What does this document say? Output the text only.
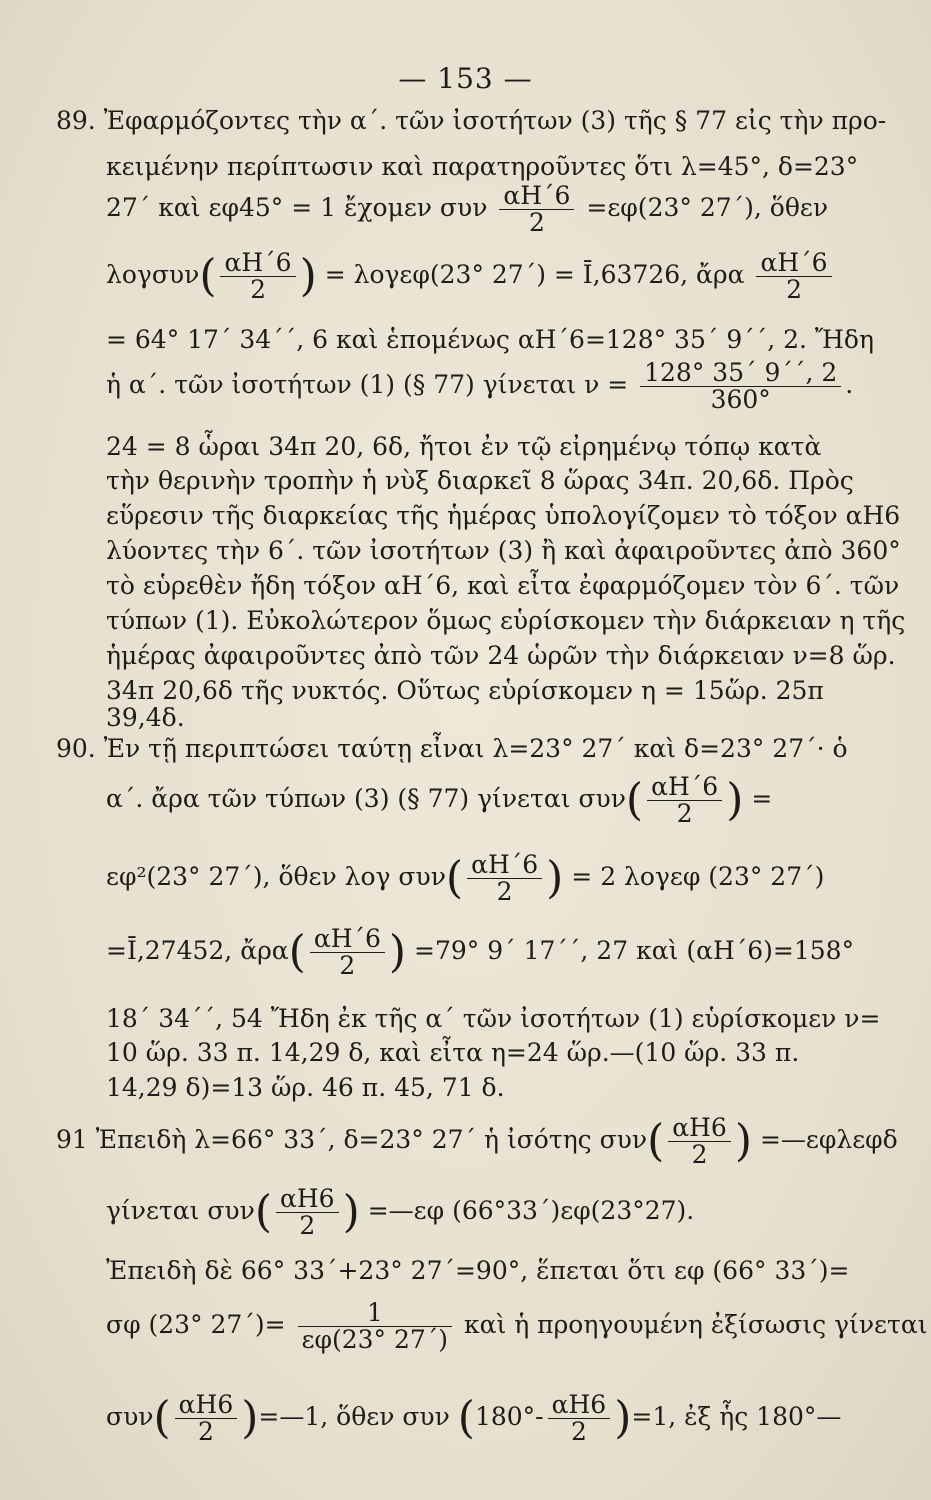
— 153 —
89. Ἐφαρμόζοντες τὴν α΄. τῶν ἰσοτήτων (3) τῆς § 77 εἰς τὴν προ-
κειμένην περίπτωσιν καὶ παρατηροῦντες ὅτι λ=45°, δ=23°
27΄ καὶ εφ45° = 1 ἔχομεν συν $\frac{\alpha H΄6}{2} =\varepsilon\varphi(23^\circ$ 27΄), ὅθεν
$\lambda o\gamma\sigma\upsilon\nu( \frac{\alpha H΄6}{2}$ ) = λογεφ(23° 27΄) = Ī,63726, ἄρα $\frac{\alpha H΄6}{2}$
= 64° 17΄ 34΄΄, 6 καὶ ἑπομένως αΗ΄6=128° 35΄ 9΄΄, 2. Ἤδη
ἡ α΄. τῶν ἰσοτήτων (1) (§ 77) γίνεται $\nu = \frac{128^\circ 35΄ 9΄΄, 2}{360^\circ}$ .
24 = 8 ὧραι 34π 20, 6δ, ἤτοι ἐν τῷ εἰρημένῳ τόπῳ κατὰ
τὴν θερινὴν τροπὴν ἡ νὺξ διαρκεῖ 8 ὥρας 34π. 20,6δ. Πρὸς
εὕρεσιν τῆς διαρκείας τῆς ἡμέρας ὑπολογίζομεν τὸ τόξον αΗ6
λύοντες τὴν 6΄. τῶν ἰσοτήτων (3) ἢ καὶ ἀφαιροῦντες ἀπὸ 360°
τὸ εὑρεθὲν ἤδη τόξον αΗ΄6, καὶ εἶτα ἐφαρμόζομεν τὸν 6΄. τῶν
τύπων (1). Εὐκολώτερον ὅμως εὑρίσκομεν τὴν διάρκειαν η τῆς
ἡμέρας ἀφαιροῦντες ἀπὸ τῶν 24 ὡρῶν τὴν διάρκειαν ν=8 ὥρ.
34π 20,6δ τῆς νυκτός. Οὕτως εὑρίσκομεν η = 15ὥρ. 25π
39,4δ.
90. Ἐν τῇ περιπτώσει ταύτῃ εἶναι λ=23° 27΄ καὶ δ=23° 27΄· ὁ
α΄. ἄρα τῶν τύπων (3) (§ 77) γίνεται $\sigma\upsilon\nu( \frac{\alpha H΄6}{2}$ ) =
εφ²(23° 27΄), ὅθεν λογ $\sigma\upsilon\nu( \frac{\alpha H΄6}{2}$ ) = 2 λογεφ (23° 27΄)
=Ī,27452, ἄρα( $\frac{\alpha H΄6}{2}$ ) =79° 9΄ 17΄΄, 27 καὶ (αΗ΄6)=158°
18΄ 34΄΄, 54 Ἤδη ἐκ τῆς α΄ τῶν ἰσοτήτων (1) εὑρίσκομεν ν=
10 ὥρ. 33 π. 14,29 δ, καὶ εἶτα η=24 ὥρ.—(10 ὥρ. 33 π.
14,29 δ)=13 ὥρ. 46 π. 45, 71 δ.
91 Ἐπειδὴ λ=66° 33΄, δ=23° 27΄ ἡ ἰσότης $\sigma\upsilon\nu( \frac{\alpha H6}{2}$ ) =—εφλεφδ
γίνεται $\sigma\upsilon\nu( \frac{\alpha H6}{2}$ ) =—εφ (66°33΄)εφ(23°27).
Ἐπειδὴ δὲ 66° 33΄+23° 27΄=90°, ἕπεται ὅτι εφ (66° 33΄)=
σφ (23° $27΄)= \frac{1}{\varepsilon\varphi(23^\circ 27΄)}$ καὶ ἡ προηγουμένη ἐξίσωσις γίνεται
$\sigma\upsilon\nu( \frac{\alpha H6}{2}$ )=—1, ὅθεν συν $(180^\circ- \frac{\alpha H6}{2} )=1$, ἐξ ἧς 180°—
